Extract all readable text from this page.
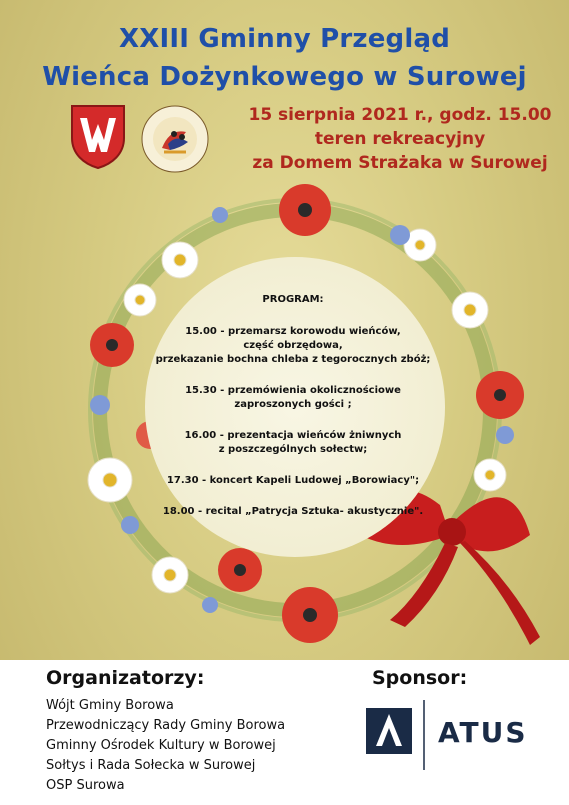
XXIII Gminny Przegląd
Wieńca Dożynkowego w Surowej
15 sierpnia 2021 r., godz. 15.00
teren rekreacyjny
za Domem Strażaka w Surowej
PROGRAM:
15.00 - przemarsz korowodu wieńców,
część obrzędowa,
przekazanie bochna chleba z tegorocznych zbóż;
15.30 - przemówienia okolicznościowe
zaproszonych gości ;
16.00 - prezentacja wieńców żniwnych
z poszczególnych sołectw;
17.30 - koncert Kapeli Ludowej „Borowiacy";
18.00 - recital „Patrycja Sztuka- akustycznie".
Organizatorzy:
Wójt Gminy Borowa
Przewodniczący Rady Gminy Borowa
Gminny Ośrodek Kultury w Borowej
Sołtys i Rada Sołecka w Surowej
OSP Surowa
Sponsor:
ATUS
